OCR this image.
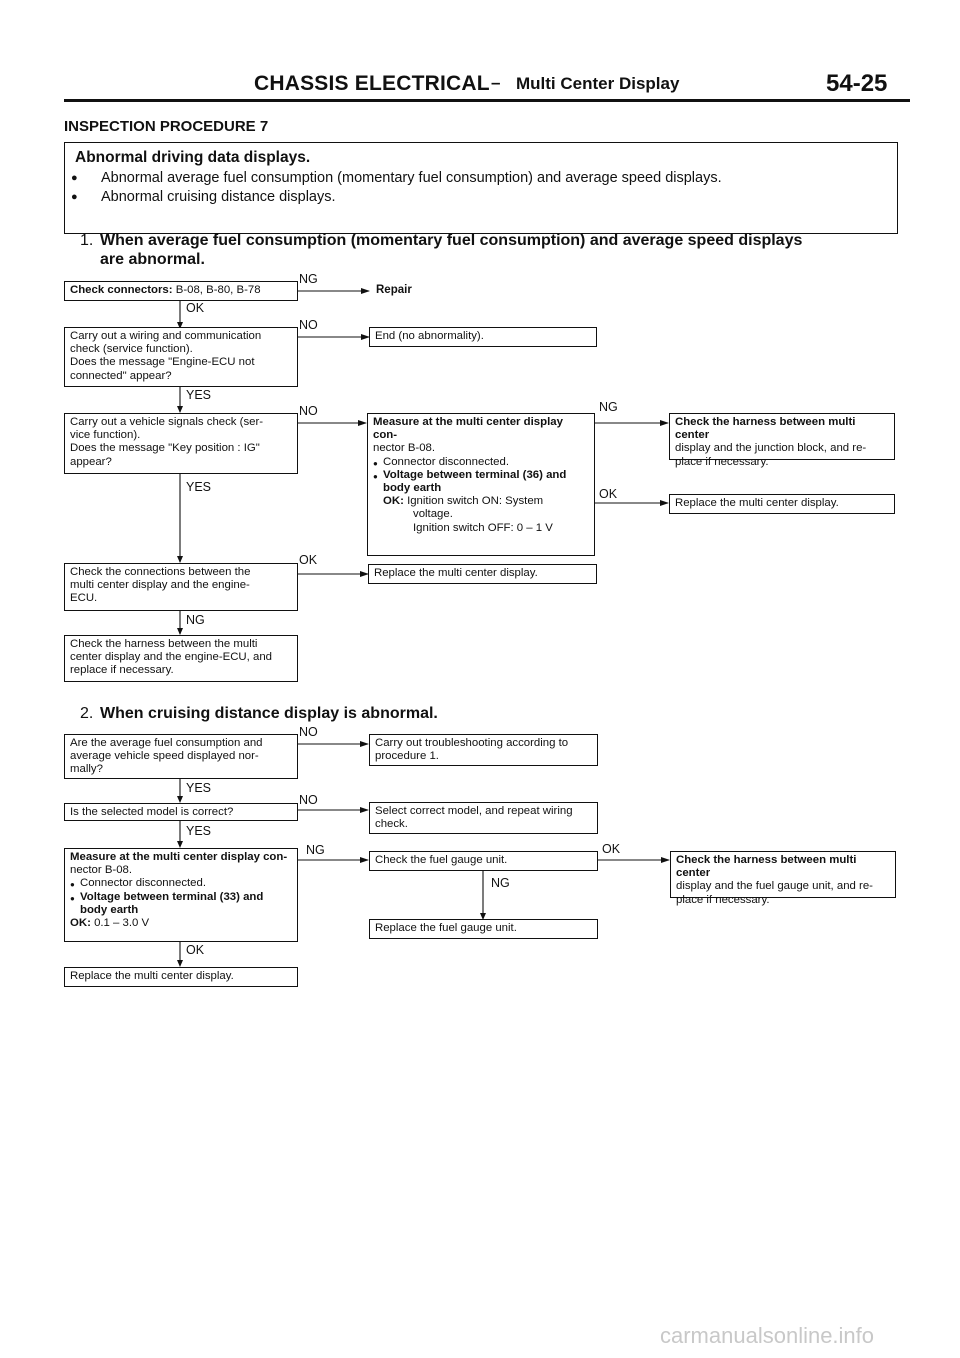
CHASSIS ELECTRICAL – Multi Center Display	54-25
INSPECTION PROCEDURE 7
Abnormal driving data displays.
● Abnormal average fuel consumption (momentary fuel consumption) and average speed displays.
● Abnormal cruising distance displays.
1. When average fuel consumption (momentary fuel consumption) and average speed displays
are abnormal.
Check connectors: B-08, B-80, B-78	Repair
NG
OK
Carry out a wiring and communication
check (service function).
Does the message "Engine-ECU not
connected" appear?
NO
End (no abnormality).
YES
Carry out a vehicle signals check (ser-
vice function).
Does the message "Key position : IG"
appear?
NO
YES
Measure at the multi center display con-
nector B-08.
● Connector disconnected.
● Voltage between terminal (36) and
body earth
OK: Ignition switch ON: System
voltage.
Ignition switch OFF: 0 – 1 V
NG
OK
Check the harness between multi center
display and the junction block, and re-
place if necessary.
Replace the multi center display.
Check the connections between the
multi center display and the engine-
ECU.
OK
Replace the multi center display.
NG
Check the harness between the multi
center display and the engine-ECU, and
replace if necessary.
2. When cruising distance display is abnormal.
Are the average fuel consumption and
average vehicle speed displayed nor-
mally?
NO
Carry out troubleshooting according to
procedure 1.
YES
Is the selected model is correct?
NO
Select correct model, and repeat wiring
check.
YES
Measure at the multi center display con-
nector B-08.
● Connector disconnected.
● Voltage between terminal (33) and
body earth
OK: 0.1 – 3.0 V
NG
Check the fuel gauge unit.
OK
Check the harness between multi center
display and the fuel gauge unit, and re-
place if necessary.
NG
Replace the fuel gauge unit.
OK
Replace the multi center display.
carmanualsonline.info
